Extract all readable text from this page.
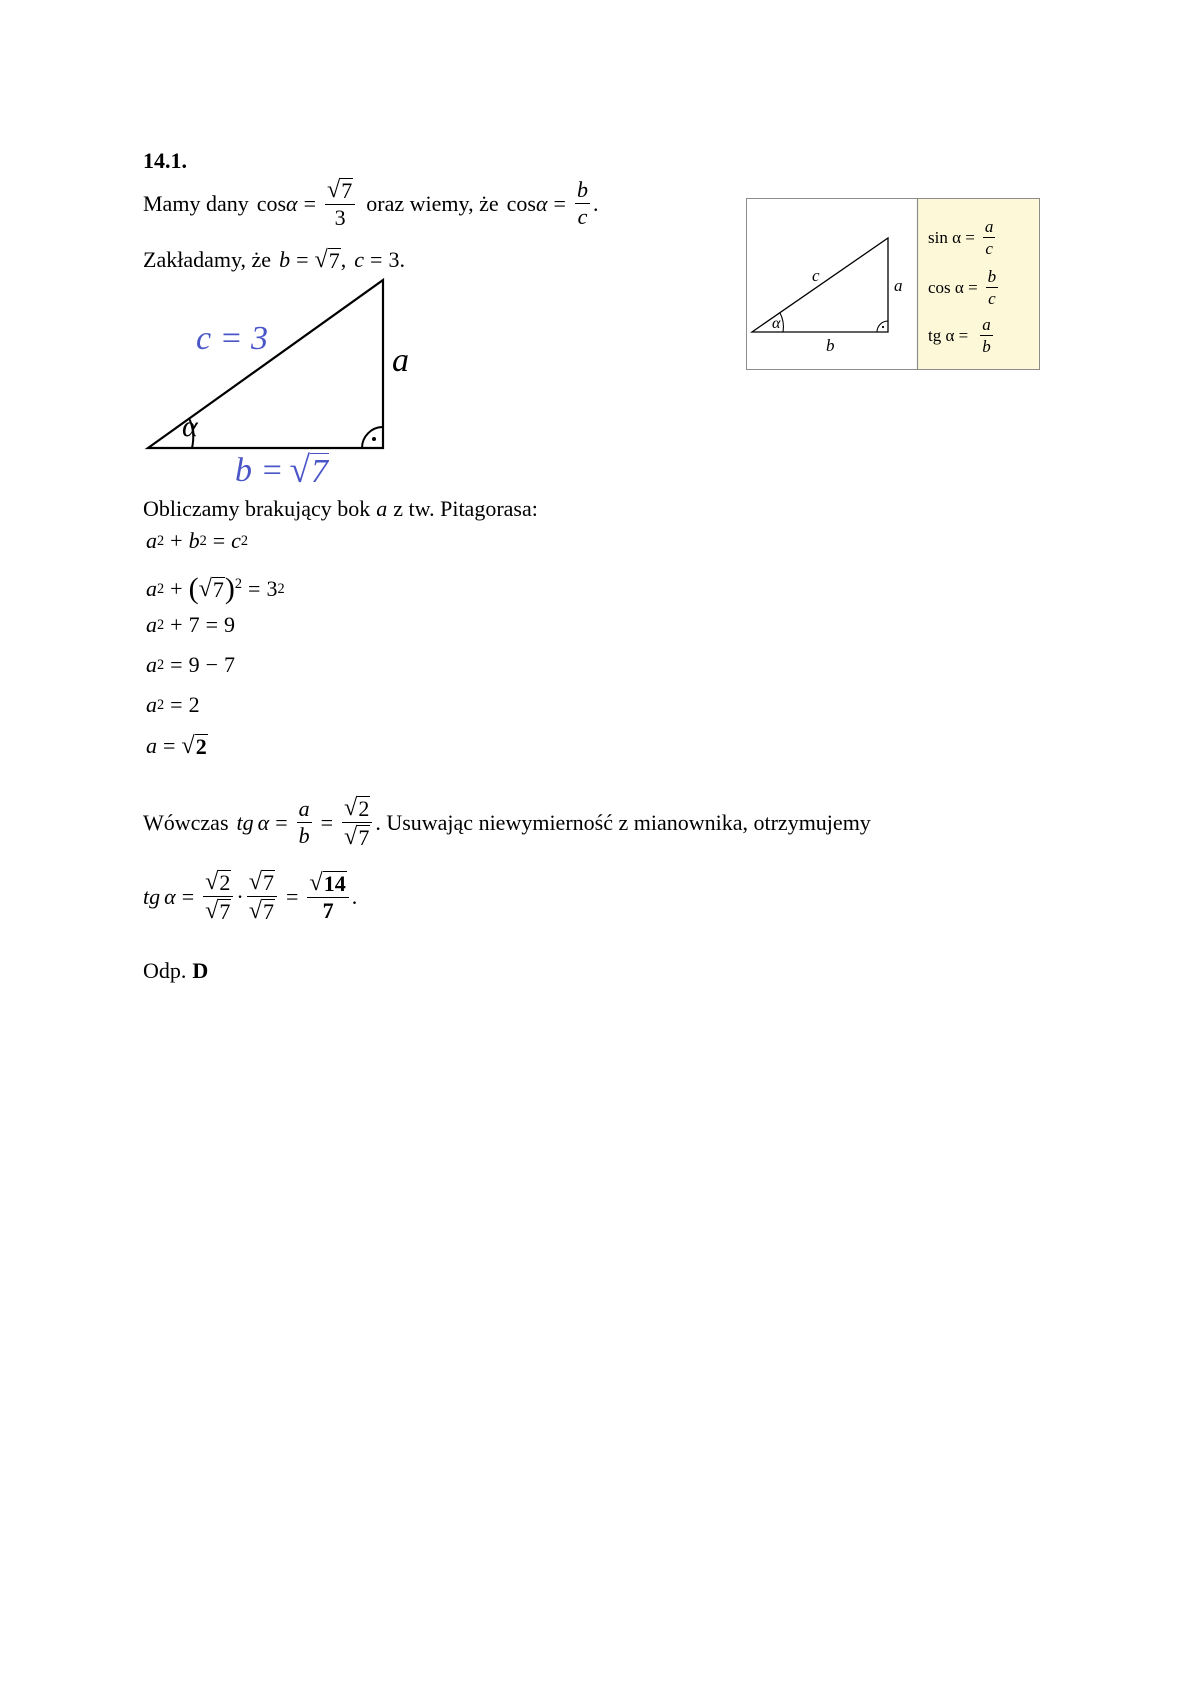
14.1.
Mamy dany $\cos \alpha = \frac{√ 7}{3}$ oraz wiemy, że $\cos \alpha = \frac{b}{c}$ .
Zakładamy, że b = √ 7 , c = 3.
c = 3
a
α
b = √ 7
c
a
b
α
$\sin \alpha = \frac{a}{c}$
$\cos \alpha = \frac{b}{c}$
tg $\alpha = \frac{a}{b}$
Obliczamy brakujący bok a z tw. Pitagorasa:
a 2 + b 2 = c 2
a 2 + ( √ 7 ) 2 = 3 2
a 2 + 7 = 9
a 2 = 9 − 7
a 2 = 2
a = √ 2
Wówczas tg $\alpha = \frac{a}{b} = \frac{√ 2}{√ 7}$ . Usuwając niewymierność z mianownika, otrzymujemy
tg $\alpha = \frac{√ 2}{√ 7} \cdot \frac{√ 7}{√ 7} = \frac{√ 14}{7}$ .
Odp. D
